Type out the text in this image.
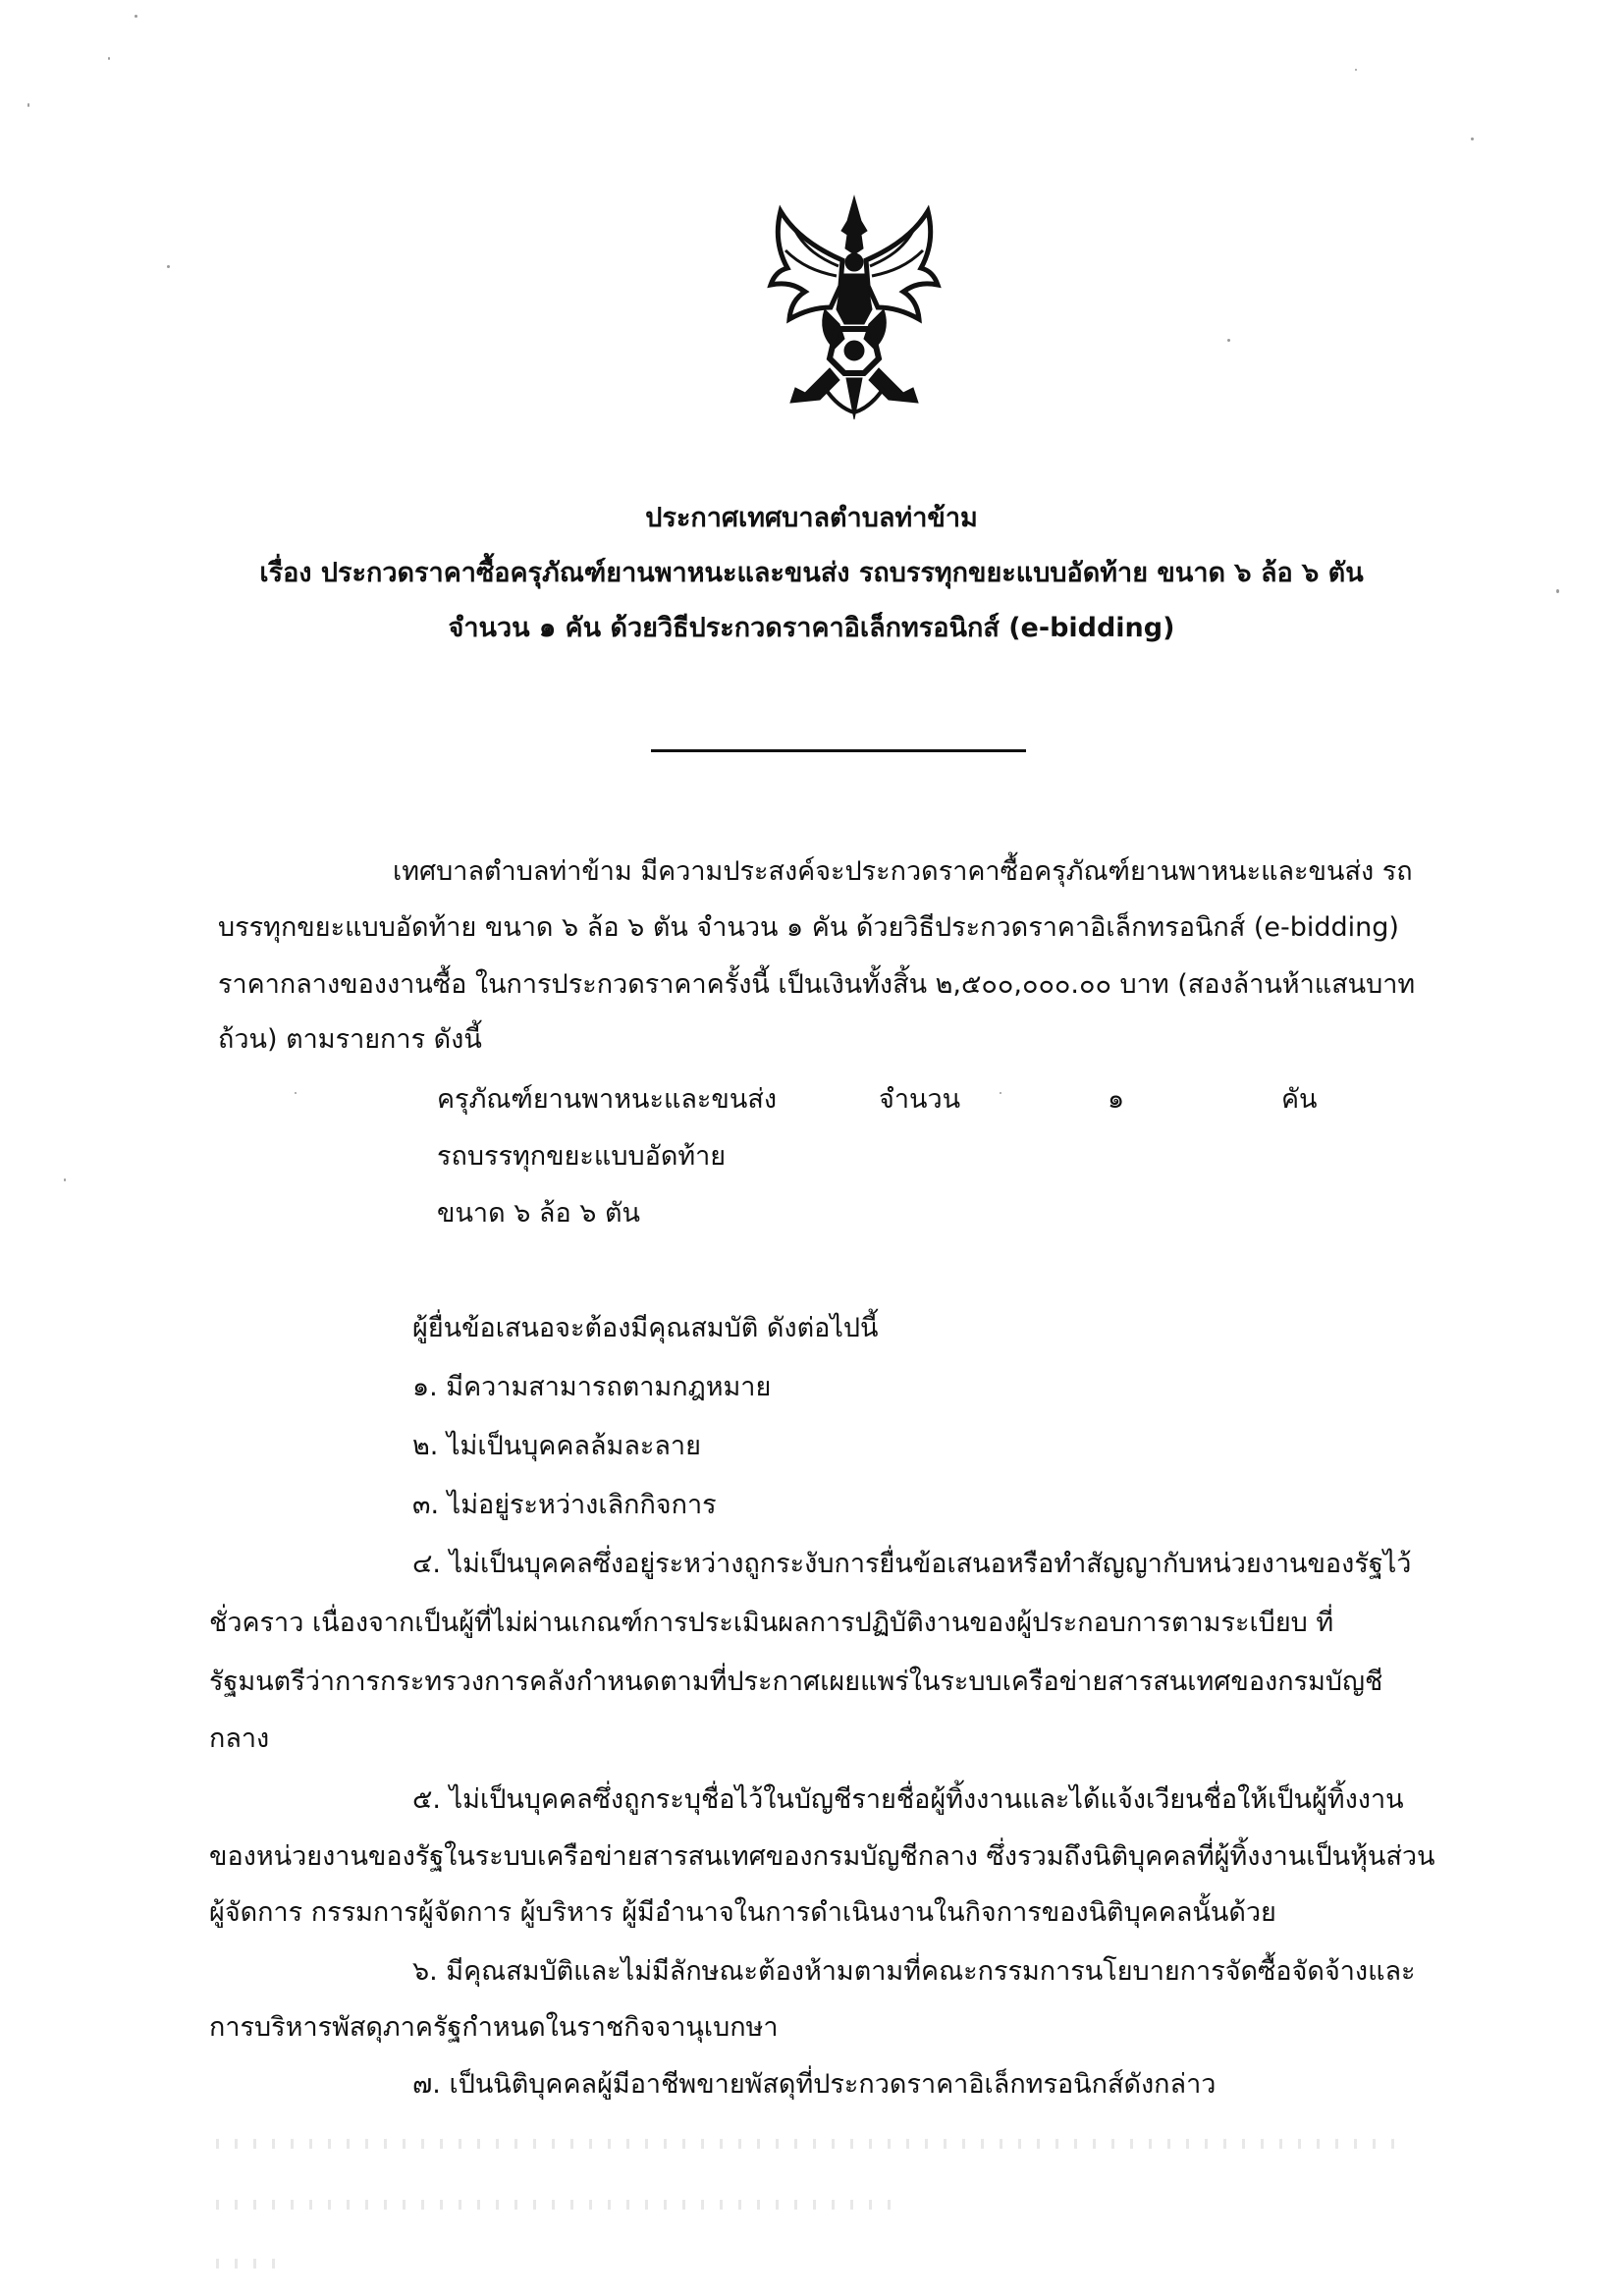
ประกาศเทศบาลตำบลท่าข้าม
เรื่อง ประกวดราคาซื้อครุภัณฑ์ยานพาหนะและขนส่ง รถบรรทุกขยะแบบอัดท้าย ขนาด ๖ ล้อ ๖ ตัน
จำนวน ๑ คัน ด้วยวิธีประกวดราคาอิเล็กทรอนิกส์ (e-bidding)
เทศบาลตำบลท่าข้าม มีความประสงค์จะประกวดราคาซื้อครุภัณฑ์ยานพาหนะและขนส่ง รถ
บรรทุกขยะแบบอัดท้าย ขนาด ๖ ล้อ ๖ ตัน จำนวน ๑ คัน ด้วยวิธีประกวดราคาอิเล็กทรอนิกส์ (e-bidding)
ราคากลางของงานซื้อ ในการประกวดราคาครั้งนี้ เป็นเงินทั้งสิ้น ๒,๕๐๐,๐๐๐.๐๐ บาท (สองล้านห้าแสนบาท
ถ้วน) ตามรายการ ดังนี้
ครุภัณฑ์ยานพาหนะและขนส่ง	จำนวน	๑	คัน
รถบรรทุกขยะแบบอัดท้าย
ขนาด ๖ ล้อ ๖ ตัน
ผู้ยื่นข้อเสนอจะต้องมีคุณสมบัติ ดังต่อไปนี้
๑. มีความสามารถตามกฎหมาย
๒. ไม่เป็นบุคคลล้มละลาย
๓. ไม่อยู่ระหว่างเลิกกิจการ
๔. ไม่เป็นบุคคลซึ่งอยู่ระหว่างถูกระงับการยื่นข้อเสนอหรือทำสัญญากับหน่วยงานของรัฐไว้
ชั่วคราว เนื่องจากเป็นผู้ที่ไม่ผ่านเกณฑ์การประเมินผลการปฏิบัติงานของผู้ประกอบการตามระเบียบ ที่
รัฐมนตรีว่าการกระทรวงการคลังกำหนดตามที่ประกาศเผยแพร่ในระบบเครือข่ายสารสนเทศของกรมบัญชี
กลาง
๕. ไม่เป็นบุคคลซึ่งถูกระบุชื่อไว้ในบัญชีรายชื่อผู้ทิ้งงานและได้แจ้งเวียนชื่อให้เป็นผู้ทิ้งงาน
ของหน่วยงานของรัฐในระบบเครือข่ายสารสนเทศของกรมบัญชีกลาง ซึ่งรวมถึงนิติบุคคลที่ผู้ทิ้งงานเป็นหุ้นส่วน
ผู้จัดการ กรรมการผู้จัดการ ผู้บริหาร ผู้มีอำนาจในการดำเนินงานในกิจการของนิติบุคคลนั้นด้วย
๖. มีคุณสมบัติและไม่มีลักษณะต้องห้ามตามที่คณะกรรมการนโยบายการจัดซื้อจัดจ้างและ
การบริหารพัสดุภาครัฐกำหนดในราชกิจจานุเบกษา
๗. เป็นนิติบุคคลผู้มีอาชีพขายพัสดุที่ประกวดราคาอิเล็กทรอนิกส์ดังกล่าว
